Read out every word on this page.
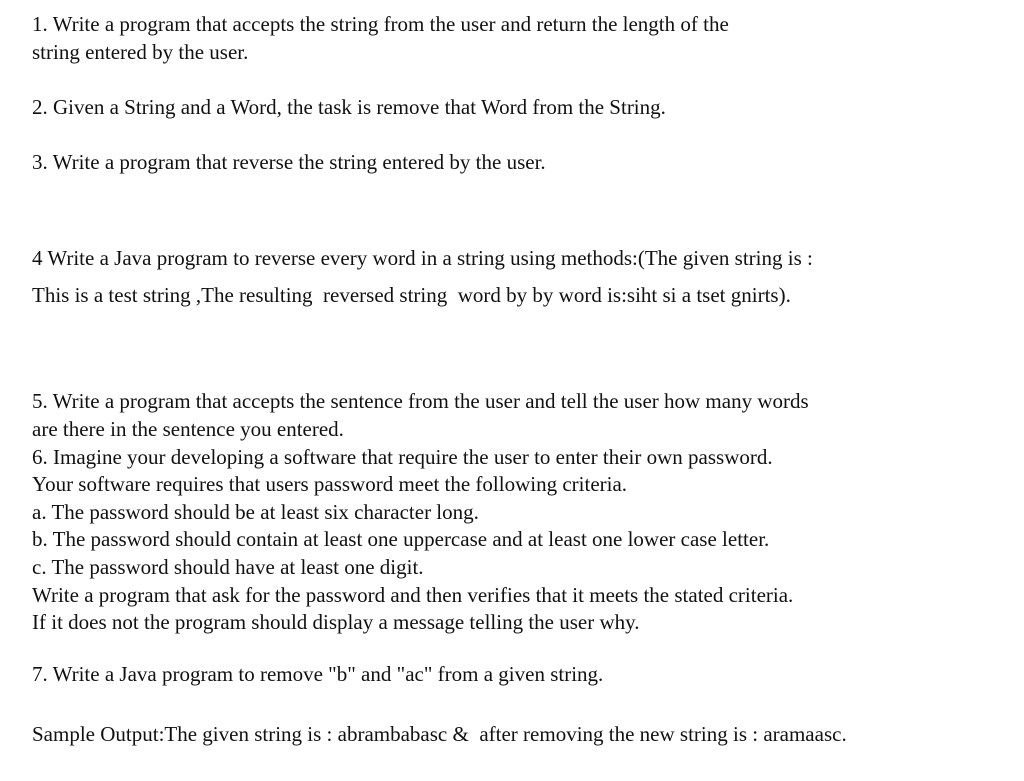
1. Write a program that accepts the string from the user and return the length of the

string entered by the user.

2. Given a String and a Word, the task is remove that Word from the String.

3. Write a program that reverse the string entered by the user.

4 Write a Java program to reverse every word in a string using methods:(The given string is :

This is a test string ,The resulting  reversed string  word by by word is:siht si a tset gnirts).

5. Write a program that accepts the sentence from the user and tell the user how many words

are there in the sentence you entered.

6. Imagine your developing a software that require the user to enter their own password.

Your software requires that users password meet the following criteria.

a. The password should be at least six character long.

b. The password should contain at least one uppercase and at least one lower case letter.

c. The password should have at least one digit.

Write a program that ask for the password and then verifies that it meets the stated criteria.

If it does not the program should display a message telling the user why.

7. Write a Java program to remove "b" and "ac" from a given string.

Sample Output:The given string is : abrambabasc &  after removing the new string is : aramaasc.
